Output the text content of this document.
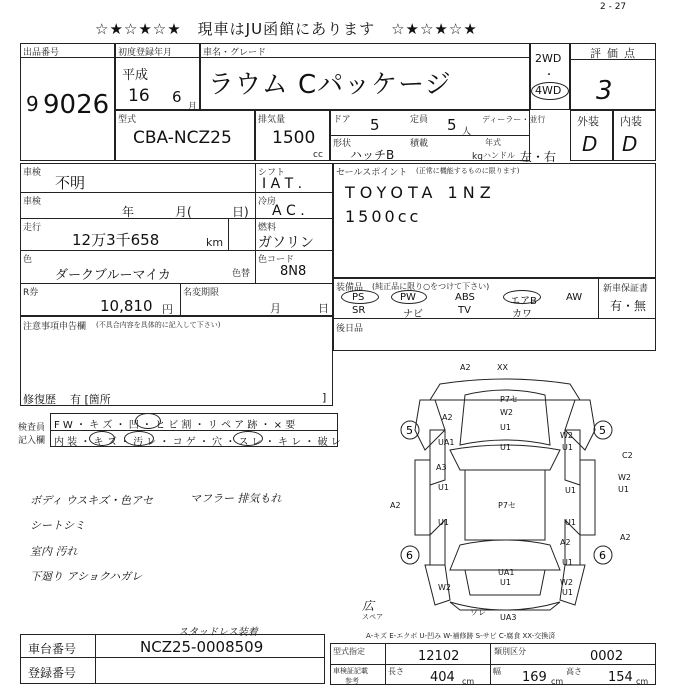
2 - 27
☆★☆★☆★　現車はJU函館にあります　☆★☆★☆★
出品番号
9 9026
初度登録年月
平成
16 6
月
車名・グレード
ラウム Cパッケージ
2WD
・
4WD
評価点
3
型式
CBA-NCZ25
排気量
1500
cc
ドア 5	定員 5 人
ディーラー・並行
形状
ハッチB
積載
kg
年式
ハンドル 左・右
外装
D
内装
D
車検
不明
車検
年	月(	日)
走行
12万3千658	km
色
ダークブルーマイカ	色替
シフト
I A T .
冷房
A C .
燃料
ガソリン
色コード
8N8
R券
10,810 円
名変期限
月	日
注意事項申告欄 (不具合内容を具体的に記入して下さい)
修復歴 有 [箇所	]
検査員
記入欄
F W ・ キ ズ ・ 凹 ・ ヒ ビ 割 ・ リ ペ ア 跡 ・ × 要
内 装 ・ キ ズ ・ 汚 レ ・ コ ゲ ・ 穴 ・ ス レ ・ キ レ ・ 破 レ
セールスポイント (正常に機能するものに限ります)
TOYOTA 1NZ
1500cc
装備品 (純正品に限り○をつけて下さい)	新車保証書
有・無
PS	PW	ABS	エアB	AW
SR	ナビ	TV	カワ
後日品
ボディ ウスキズ・色アセ	マフラー 排気もれ
シートシミ
室内 汚れ
下廻り アショクハガレ
スタッドレス装着
5	5
6	6
A2	XX
P7セ
W2
U1
A2
U1
UA1
W2
U1
C2
A3
U1
A2
U1
P7セ
W2
U1
U1
U1
A2
UA1
W2
U1
U1
W2
U1
A2
ワレ
UA3
広
スペア
A-キズ E-エクボ U-凹み W-補修跡 S-サビ C-腐食 XX-交換済
車台番号	NCZ25-0008509
登録番号
型式指定	12102	類別区分	0002
車検証記載
参考
長さ 404 cm
幅 169 cm
高さ 154 cm
